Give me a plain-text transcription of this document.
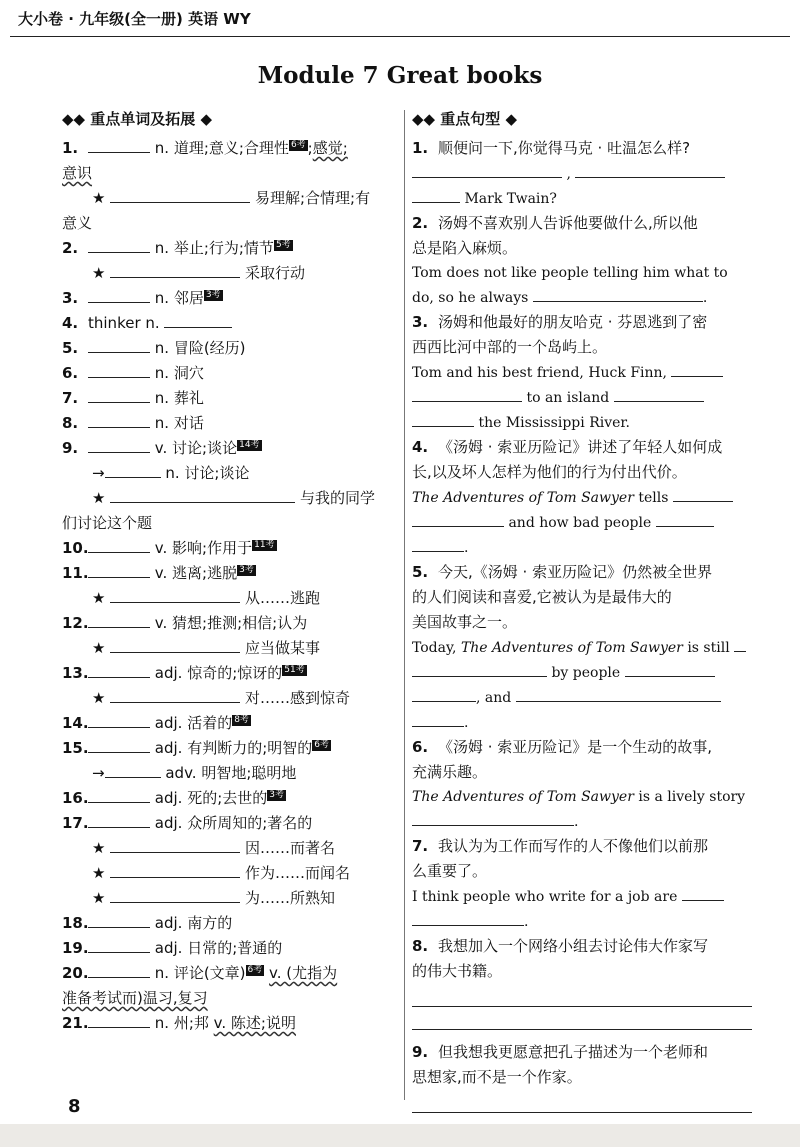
大小卷 · 九年级(全一册) 英语 WY
Module 7 Great books
◆◆ 重点单词及拓展 ◆
1.	n. 道理;意义;合理性 6考 ;感觉;
意识
★	易理解;合情理;有
意义
2.	n. 举止;行为;情节 5考
★	采取行动
3.	n. 邻居 3考
4. thinker n.
5.	n. 冒险(经历)
6.	n. 洞穴
7.	n. 葬礼
8.	n. 对话
9.	v. 讨论;谈论 14考
→	n. 讨论;谈论
★	与我的同学
们讨论这个题
10.	v. 影响;作用于 11考
11.	v. 逃离;逃脱 3考
★	从……逃跑
12.	v. 猜想;推测;相信;认为
★	应当做某事
13.	adj. 惊奇的;惊讶的 51考
★	对……感到惊奇
14.	adj. 活着的 8考
15.	adj. 有判断力的;明智的 6考
→	adv. 明智地;聪明地
16.	adj. 死的;去世的 3考
17.	adj. 众所周知的;著名的
★	因……而著名
★	作为……而闻名
★	为……所熟知
18.	adj. 南方的
19.	adj. 日常的;普通的
20.	n. 评论(文章) 6考 v. (尤指为
准备考试而)温习,复习
21.	n. 州;邦 v. 陈述;说明
◆◆ 重点句型 ◆
1. 顺便问一下,你觉得马克 · 吐温怎么样?
,
Mark Twain?
2. 汤姆不喜欢别人告诉他要做什么,所以他
总是陷入麻烦。
Tom does not like people telling him what to
do, so he always	.
3. 汤姆和他最好的朋友哈克 · 芬恩逃到了密
西西比河中部的一个岛屿上。
Tom and his best friend, Huck Finn,
to an island
the Mississippi River.
4. 《汤姆 · 索亚历险记》讲述了年轻人如何成
长,以及坏人怎样为他们的行为付出代价。
The Adventures of Tom Sawyer tells
and how bad people
.
5. 今天,《汤姆 · 索亚历险记》仍然被全世界
的人们阅读和喜爱,它被认为是最伟大的
美国故事之一。
Today, The Adventures of Tom Sawyer is still
by people
, and
.
6. 《汤姆 · 索亚历险记》是一个生动的故事,
充满乐趣。
The Adventures of Tom Sawyer is a lively story
.
7. 我认为为工作而写作的人不像他们以前那
么重要了。
I think people who write for a job are
.
8. 我想加入一个网络小组去讨论伟大作家写
的伟大书籍。
9. 但我想我更愿意把孔子描述为一个老师和
思想家,而不是一个作家。
8
